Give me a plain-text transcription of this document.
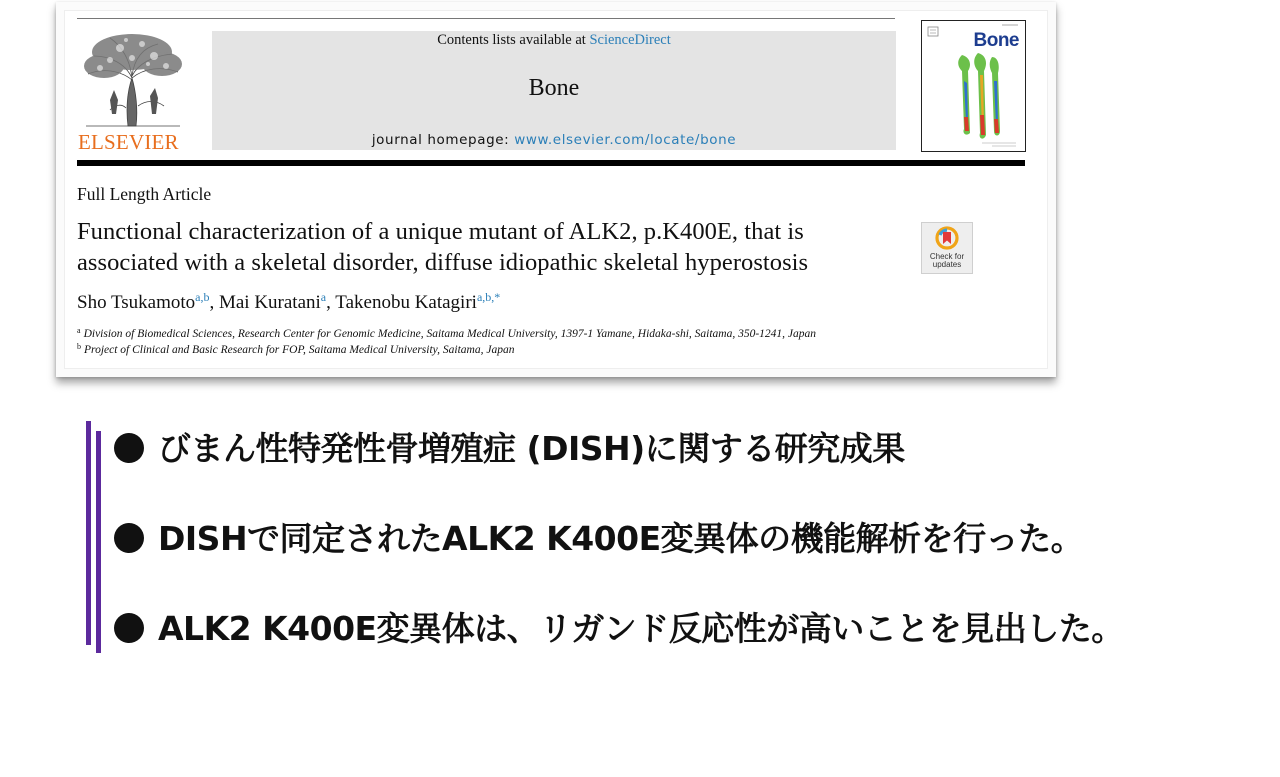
ELSEVIER
Contents lists available at ScienceDirect
Bone
journal homepage: www.elsevier.com/locate/bone
Bone
Full Length Article
Functional characterization of a unique mutant of ALK2, p.K400E, that is
associated with a skeletal disorder, diffuse idiopathic skeletal hyperostosis	Check for
updates
Sho Tsukamoto$^{a,b}$, Mai Kuratani$^a$, Takenobu Katagiri$^{a,b,*}$
$^a$ Division of Biomedical Sciences, Research Center for Genomic Medicine, Saitama Medical University, 1397-1 Yamane, Hidaka-shi, Saitama, 350-1241, Japan
$^b$ Project of Clinical and Basic Research for FOP, Saitama Medical University, Saitama, Japan
びまん性特発性骨増殖症 (DISH)に関する研究成果
DISHで同定されたALK2 K400E変異体の機能解析を行った。
ALK2 K400E変異体は、リガンド反応性が高いことを見出した。
